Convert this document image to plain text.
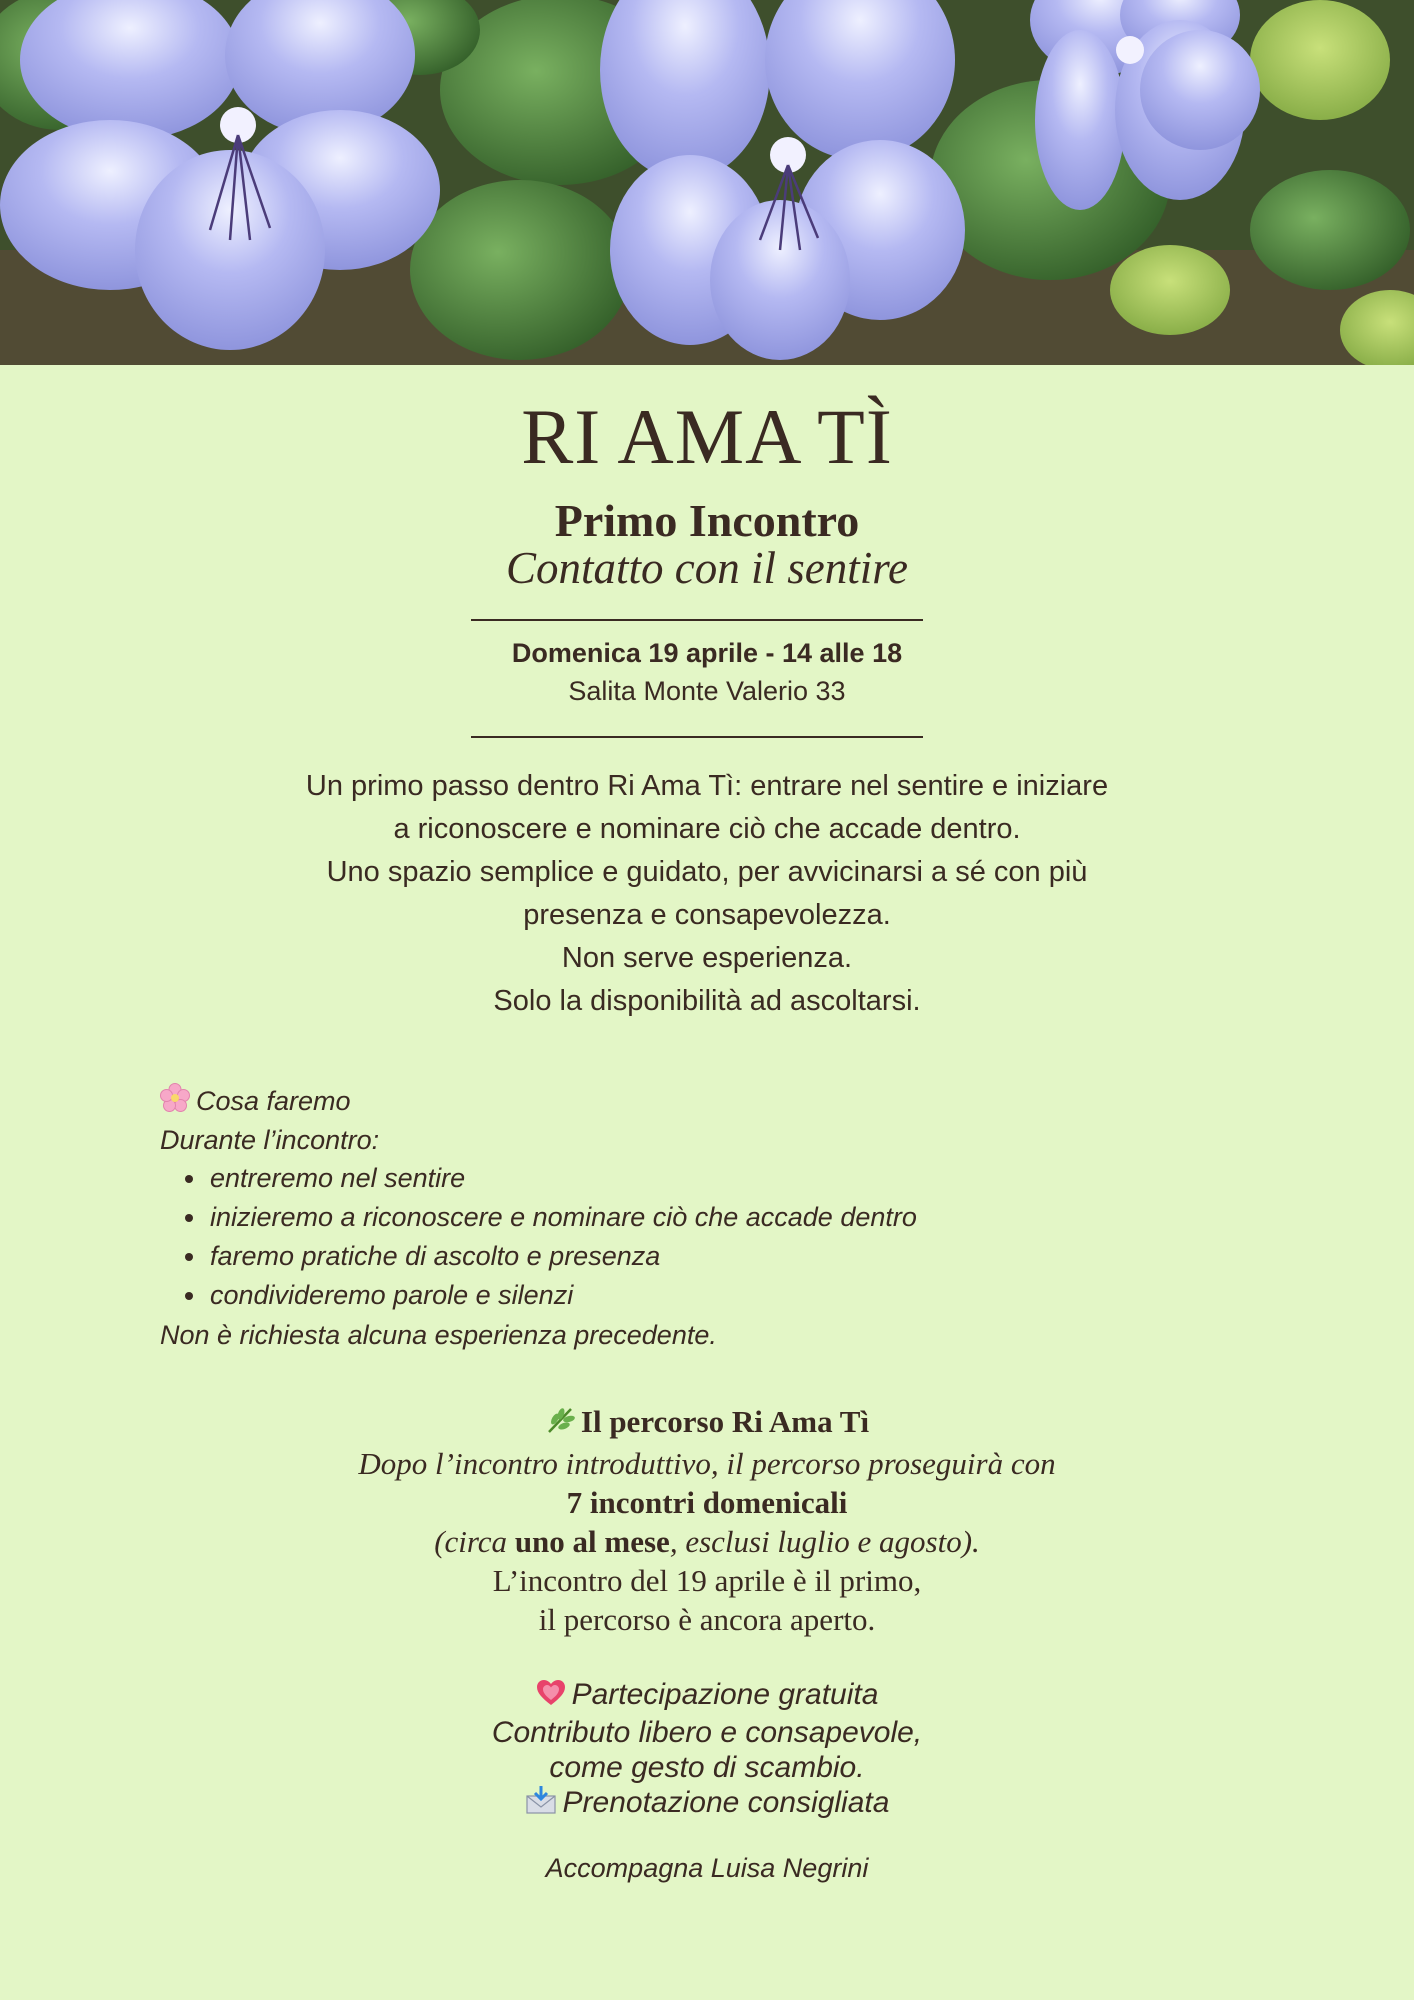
RI AMA TÌ
Primo Incontro
Contatto con il sentire
Domenica 19 aprile - 14 alle 18
Salita Monte Valerio 33
Un primo passo dentro Ri Ama Tì: entrare nel sentire e iniziare
a riconoscere e nominare ciò che accade dentro.
Uno spazio semplice e guidato, per avvicinarsi a sé con più
presenza e consapevolezza.
Non serve esperienza.
Solo la disponibilità ad ascoltarsi.
Cosa faremo
Durante l’incontro:
• entreremo nel sentire
• inizieremo a riconoscere e nominare ciò che accade dentro
• faremo pratiche di ascolto e presenza
• condivideremo parole e silenzi
Non è richiesta alcuna esperienza precedente.
Il percorso Ri Ama Tì
Dopo l’incontro introduttivo, il percorso proseguirà con
7 incontri domenicali
(circa uno al mese, esclusi luglio e agosto).
L’incontro del 19 aprile è il primo,
il percorso è ancora aperto.
Partecipazione gratuita
Contributo libero e consapevole,
come gesto di scambio.
Prenotazione consigliata
Accompagna Luisa Negrini
